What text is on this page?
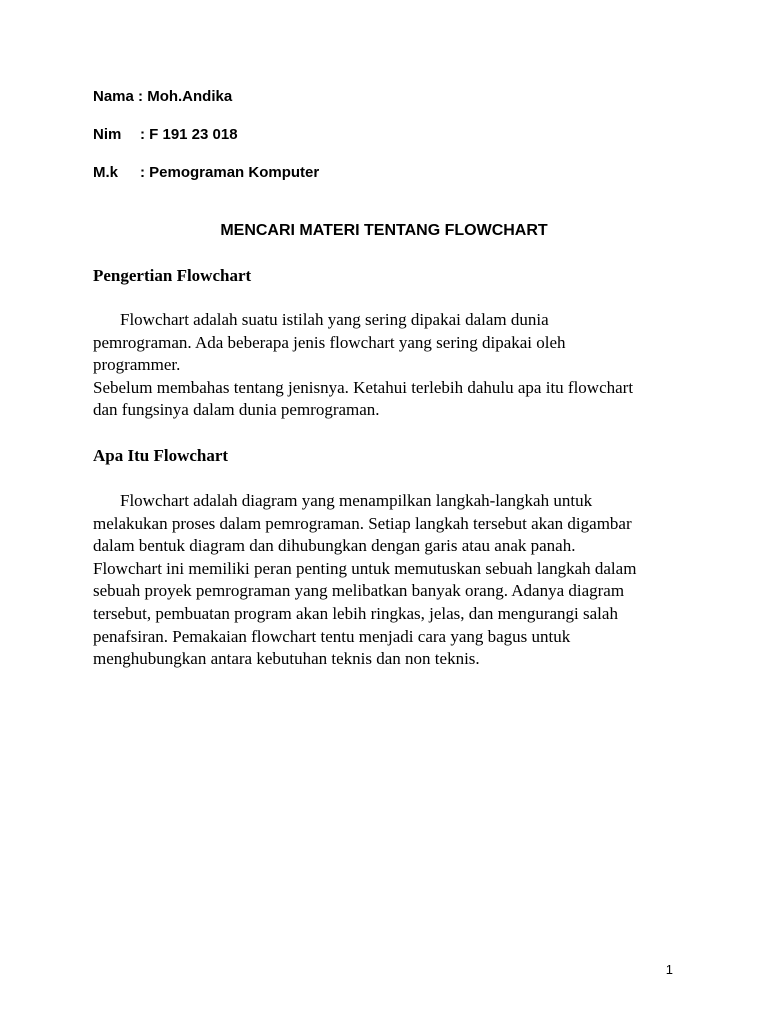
Nama : Moh.Andika
Nim : F 191 23 018
M.k : Pemograman Komputer
MENCARI MATERI TENTANG FLOWCHART
Pengertian Flowchart
Flowchart adalah suatu istilah yang sering dipakai dalam dunia
pemrograman. Ada beberapa jenis flowchart yang sering dipakai oleh
programmer.
Sebelum membahas tentang jenisnya. Ketahui terlebih dahulu apa itu flowchart
dan fungsinya dalam dunia pemrograman.
Apa Itu Flowchart
Flowchart adalah diagram yang menampilkan langkah-langkah untuk
melakukan proses dalam pemrograman. Setiap langkah tersebut akan digambar
dalam bentuk diagram dan dihubungkan dengan garis atau anak panah.
Flowchart ini memiliki peran penting untuk memutuskan sebuah langkah dalam
sebuah proyek pemrograman yang melibatkan banyak orang. Adanya diagram
tersebut, pembuatan program akan lebih ringkas, jelas, dan mengurangi salah
penafsiran. Pemakaian flowchart tentu menjadi cara yang bagus untuk
menghubungkan antara kebutuhan teknis dan non teknis.
1
